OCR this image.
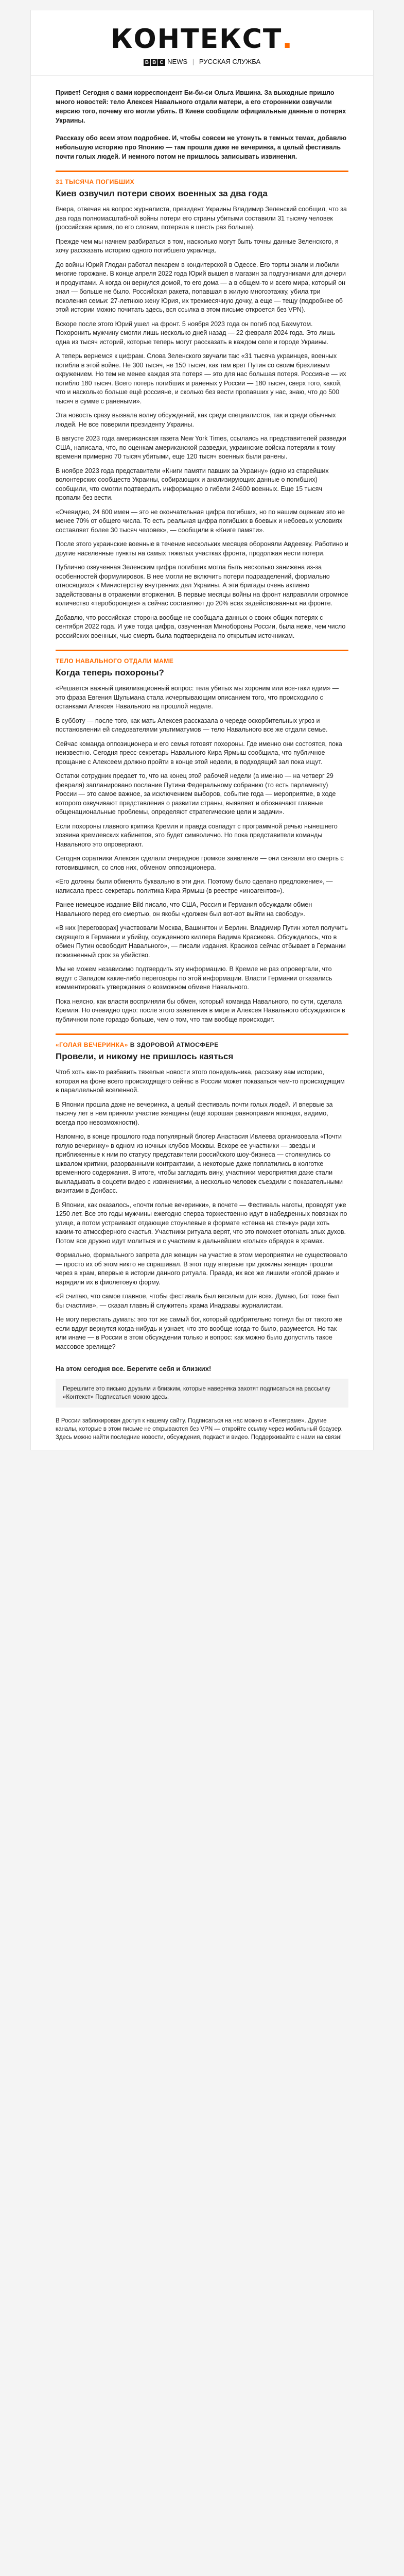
КОНТЕКСТ.
B B C NEWS | РУССКАЯ СЛУЖБА

Привет! Сегодня с вами корреспондент Би-би-си Ольга Ившина. За выходные пришло много новостей: тело Алексея Навального отдали матери, а его сторонники озвучили версию того, почему его могли убить. В Киеве сообщили официальные данные о потерях Украины.

Рассказу обо всем этом подробнее. И, чтобы совсем не утонуть в темных темах, добавлю небольшую историю про Японию — там прошла даже не вечеринка, а целый фестиваль почти голых людей. И немного потом не пришлось записывать извинения.

31 ТЫСЯЧА ПОГИБШИХ
Киев озвучил потери своих военных за два года

Вчера, отвечая на вопрос журналиста, президент Украины Владимир Зеленский сообщил, что за два года полномасштабной войны потери его страны убитыми составили 31 тысячу человек (российская армия, по его словам, потеряла в шесть раз больше).

Прежде чем мы начнем разбираться в том, насколько могут быть точны данные Зеленского, я хочу рассказать историю одного погибшего украинца.

До войны Юрий Глодан работал пекарем в кондитерской в Одессе. Его торты знали и любили многие горожане. В конце апреля 2022 года Юрий вышел в магазин за подгузниками для дочери и продуктами. А когда он вернулся домой, то его дома — а в общем-то и всего мира, который он знал — больше не было. Российская ракета, попавшая в жилую многоэтажку, убила три поколения семьи: 27-летнюю жену Юрия, их трехмесячную дочку, а еще — тещу (подробнее об этой истории можно почитать здесь, вся ссылка в этом письме откроется без VPN).

Вскоре после этого Юрий ушел на фронт. 5 ноября 2023 года он погиб под Бахмутом. Похоронить мужчину смогли лишь несколько дней назад — 22 февраля 2024 года. Это лишь одна из тысяч историй, которые теперь могут рассказать в каждом селе и городе Украины.

А теперь вернемся к цифрам. Слова Зеленского звучали так: «31 тысяча украинцев, военных погибла в этой войне. Не 300 тысяч, не 150 тысяч, как там врет Путин со своим брехливым окружением. Но тем не менее каждая эта потеря — это для нас большая потеря. Россияне — их погибло 180 тысяч. Всего потерь погибших и раненых у России — 180 тысяч, сверх того, какой, что и насколько больше ещё россияне, и сколько без вести пропавших у нас, знаю, что до 500 тысяч в сумме с ранеными».

Эта новость сразу вызвала волну обсуждений, как среди специалистов, так и среди обычных людей. Не все поверили президенту Украины.

В августе 2023 года американская газета New York Times, ссылаясь на представителей разведки США, написала, что, по оценкам американской разведки, украинские войска потеряли к тому времени примерно 70 тысяч убитыми, еще 120 тысяч военных были ранены.

В ноябре 2023 года представители «Книги памяти павших за Украину» (одно из старейших волонтерских сообществ Украины, собирающих и анализирующих данные о погибших) сообщили, что смогли подтвердить информацию о гибели 24600 военных. Еще 15 тысяч пропали без вести.

«Очевидно, 24 600 имен — это не окончательная цифра погибших, но по нашим оценкам это не менее 70% от общего числа. То есть реальная цифра погибших в боевых и небоевых условиях составляет более 30 тысяч человек», — сообщили в «Книге памяти».

После этого украинские военные в течение нескольких месяцев обороняли Авдеевку. Работино и другие населенные пункты на самых тяжелых участках фронта, продолжая нести потери.

Публично озвученная Зеленским цифра погибших могла быть несколько занижена из-за особенностей формулировок. В нее могли не включить потери подразделений, формально относящихся к Министерству внутренних дел Украины. А эти бригады очень активно задействованы в отражении вторжения. В первые месяцы войны на фронт направляли огромное количество «тероборонцев» а сейчас составляют до 20% всех задействованных на фронте.

Добавлю, что российская сторона вообще не сообщала данных о своих общих потерях с сентября 2022 года. И уже тогда цифра, озвученная Минобороны России, была неже, чем число российских военных, чью смерть была подтверждена по открытым источникам.

ТЕЛО НАВАЛЬНОГО ОТДАЛИ МАМЕ
Когда теперь похороны?

«Решается важный цивилизационный вопрос: тела убитых мы хороним или все-таки едим» — это фраза Евгения Шульмана стала исчерпывающим описанием того, что происходило с останками Алексея Навального на прошлой неделе.

В субботу — после того, как мать Алексея рассказала о череде оскорбительных угроз и постановлении ей следователями ультиматумов — тело Навального все же отдали семье.

Сейчас команда оппозиционера и его семья готовят похороны. Где именно они состоятся, пока неизвестно. Сегодня пресс-секретарь Навального Кира Ярмыш сообщила, что публичное прощание с Алексеем должно пройти в конце этой недели, в подходящий зал пока ищут.

Остатки сотрудник предает то, что на конец этой рабочей недели (а именно — на четверг 29 февраля) запланировано послание Путина Федеральному собранию (то есть парламенту) России — это самое важное, за исключением выборов, событие года — мероприятие, в ходе которого озвучивают представления о развитии страны, выявляет и обозначают главные общенациональные проблемы, определяют стратегические цели и задачи».

Если похороны главного критика Кремля и правда совпадут с программной речью нынешнего хозяина кремлевских кабинетов, это будет символично. Но пока представители команды Навального это опровергают.

Сегодня соратники Алексея сделали очередное громкое заявление — они связали его смерть с готовившимся, со слов них, обменом оппозиционера.

«Его должны были обменять буквально в эти дни. Поэтому было сделано предложение», — написала пресс-секретарь политика Кира Ярмыш (в реестре «иноагентов»).

Ранее немецкое издание Bild писало, что США, Россия и Германия обсуждали обмен Навального перед его смертью, он якобы «должен был вот-вот выйти на свободу».

«В них [переговорах] участвовали Москва, Вашингтон и Берлин. Владимир Путин хотел получить сидящего в Германии и убийцу, осужденного киллера Вадима Красикова. Обсуждалось, что в обмен Путин освободит Навального», — писали издания. Красиков сейчас отбывает в Германии пожизненный срок за убийство.

Мы не можем независимо подтвердить эту информацию. В Кремле не раз опровергали, что ведут с Западом какие-либо переговоры по этой информации. Власти Германии отказались комментировать утверждения о возможном обмене Навального.

Пока неясно, как власти восприняли бы обмен, который команда Навального, по сути, сделала Кремля. Но очевидно одно: после этого заявления в мире и Алексея Навального обсуждаются в публичном поле гораздо больше, чем о том, что там вообще происходит.

«ГОЛАЯ ВЕЧЕРИНКА» В ЗДОРОВОЙ АТМОСФЕРЕ
Провели, и никому не пришлось каяться

Чтоб хоть как-то разбавить тяжелые новости этого понедельника, расскажу вам историю, которая на фоне всего происходящего сейчас в России может показаться чем-то происходящим в параллельной вселенной.

В Японии прошла даже не вечеринка, а целый фестиваль почти голых людей. И впервые за тысячу лет в нем приняли участие женщины (ещё хорошая равноправия японцах, видимо, всегда про невозможности).

Напомню, в конце прошлого года популярный блогер Анастасия Ивлеева организовала «Почти голую вечеринку» в одном из ночных клубов Москвы. Вскоре ее участники — звезды и приближенные к ним по статусу представители российского шоу-бизнеса — столкнулись со шквалом критики, разорванными контрактами, а некоторые даже поплатились в колготке временного содержания. В итоге, чтобы загладить вину, участники мероприятия даже стали выкладывать в соцсети видео с извинениями, а несколько человек съездили с показательными визитами в Донбасс.

В Японии, как оказалось, «почти голые вечеринки», в почете — Фестиваль наготы, проводят уже 1250 лет. Все это годы мужчины ежегодно сперва торжественно идут в набедренных повязках по улице, а потом устраивают отдающие стоунлевые в формате «стенка на стенку» ради хоть каким-то атмосферного счастья. Участники ритуала верят, что это поможет отогнать злых духов. Потом все дружно идут молиться и с участием в дальнейшем «голых» обрядов в храмах.

Формально, формального запрета для женщин на участие в этом мероприятии не существовало — просто их об этом никто не спрашивал. В этот году впервые три дюжины женщин прошли через в храм, впервые в истории данного ритуала. Правда, их все же лишили «голой драки» и нарядили их в фиолетовую форму.

«Я считаю, что самое главное, чтобы фестиваль был веселым для всех. Думаю, Бог тоже был бы счастлив», — сказал главный служитель храма Инадзавы журналистам.

Не могу перестать думать: это тот же самый бог, который одобрительно топнул бы от такого же если вдруг вернутся когда-нибудь и узнает, что это вообще когда-то было, разумеется. Но так или иначе — в России в этом обсуждении только и вопрос: как можно было допустить такое массовое зрелище?

На этом сегодня все. Берегите себя и близких!
Перешлите это письмо друзьям и близким, которые наверняка захотят подписаться на рассылку «Контекст» Подписаться можно здесь.
В России заблокирован доступ к нашему сайту. Подписаться на нас можно в «Телеграме». Другие каналы, которые в этом письме не открываются без VPN — откройте ссылку через мобильный браузер. Здесь можно найти последние новости, обсуждения, подкаст и видео. Поддерживайте с нами на связи!
